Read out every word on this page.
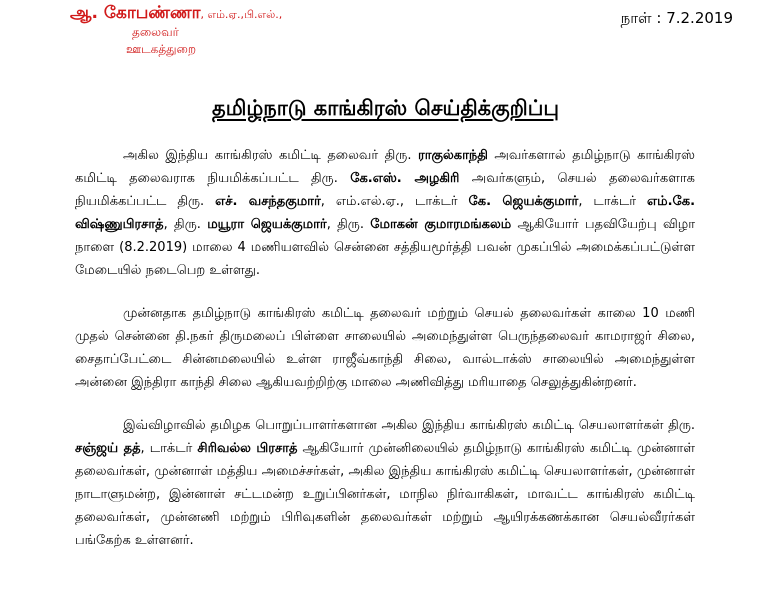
ஆ. கோபண்ணா, எம்.ஏ.,பி.எல்.,
தலைவர்
ஊடகத்துறை
நாள் : 7.2.2019
தமிழ்நாடு காங்கிரஸ் செய்திக்குறிப்பு

அகில இந்திய காங்கிரஸ் கமிட்டி தலைவர் திரு. ராகுல்காந்தி அவர்களால் தமிழ்நாடு காங்கிரஸ் கமிட்டி தலைவராக நியமிக்கப்பட்ட திரு. கே.எஸ். அழகிரி அவர்களும், செயல் தலைவர்களாக நியமிக்கப்பட்ட திரு. எச். வசந்தகுமார், எம்.எல்.ஏ., டாக்டர் கே. ஜெயக்குமார், டாக்டர் எம்.கே. விஷ்ணுபிரசாத், திரு. மயூரா ஜெயக்குமார், திரு. மோகன் குமாரமங்கலம் ஆகியோர் பதவியேற்பு விழா நாளை (8.2.2019) மாலை 4 மணியளவில் சென்னை சத்தியமூர்த்தி பவன் முகப்பில் அமைக்கப்பட்டுள்ள மேடையில் நடைபெற உள்ளது.

முன்னதாக தமிழ்நாடு காங்கிரஸ் கமிட்டி தலைவர் மற்றும் செயல் தலைவர்கள் காலை 10 மணி முதல் சென்னை தி.நகர் திருமலைப் பிள்ளை சாலையில் அமைந்துள்ள பெருந்தலைவர் காமராஜர் சிலை, சைதாப்பேட்டை சின்னமலையில் உள்ள ராஜீவ்காந்தி சிலை, வால்டாக்ஸ் சாலையில் அமைந்துள்ள அன்னை இந்திரா காந்தி சிலை ஆகியவற்றிற்கு மாலை அணிவித்து மரியாதை செலுத்துகின்றனர்.

இவ்விழாவில் தமிழக பொறுப்பாளர்களான அகில இந்திய காங்கிரஸ் கமிட்டி செயலாளர்கள் திரு. சஞ்ஜய் தத், டாக்டர் சிரிவல்ல பிரசாத் ஆகியோர் முன்னிலையில் தமிழ்நாடு காங்கிரஸ் கமிட்டி முன்னாள் தலைவர்கள், முன்னாள் மத்திய அமைச்சர்கள், அகில இந்திய காங்கிரஸ் கமிட்டி செயலாளர்கள், முன்னாள் நாடாளுமன்ற, இன்னாள் சட்டமன்ற உறுப்பினர்கள், மாநில நிர்வாகிகள், மாவட்ட காங்கிரஸ் கமிட்டி தலைவர்கள், முன்னணி மற்றும் பிரிவுகளின் தலைவர்கள் மற்றும் ஆயிரக்கணக்கான செயல்வீரர்கள் பங்கேற்க உள்ளனர்.
